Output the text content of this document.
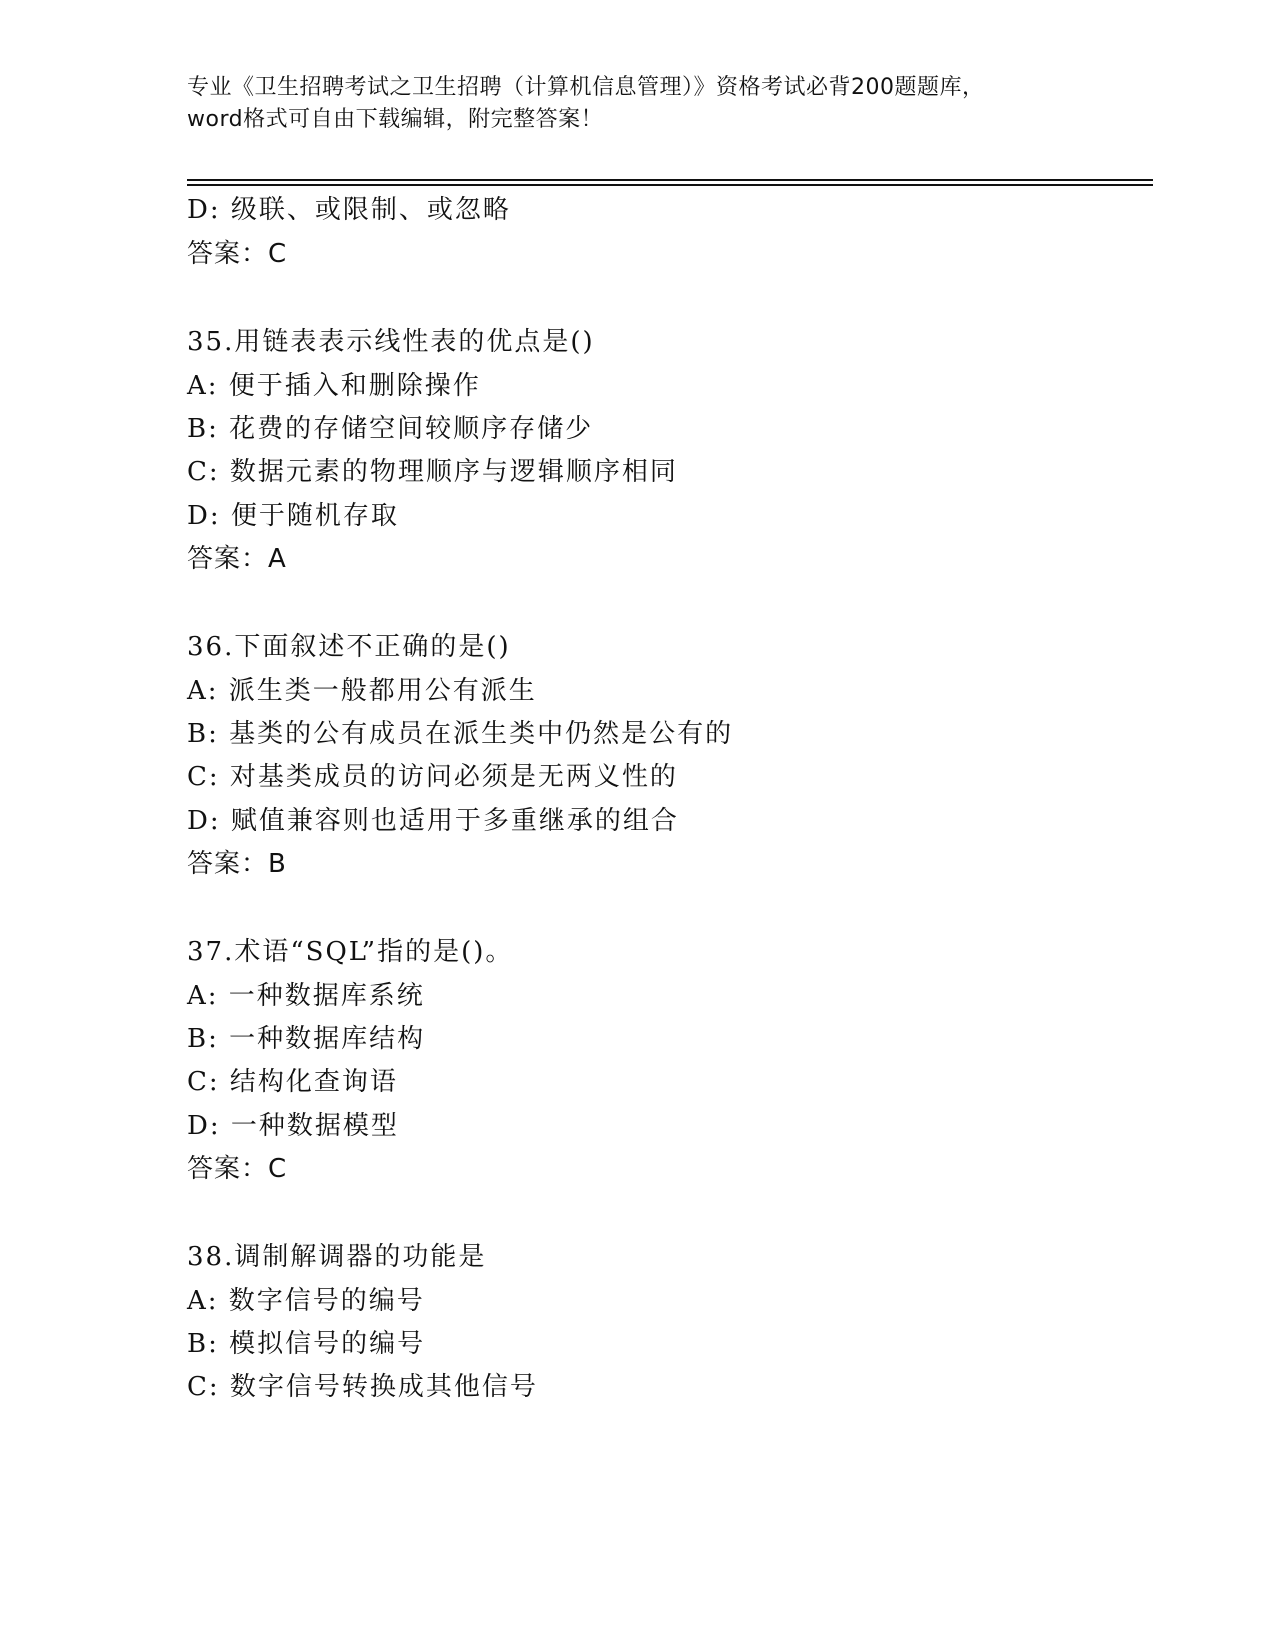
专业《卫生招聘考试之卫生招聘（计算机信息管理）》资格考试必背200题题库，
word格式可自由下载编辑，附完整答案！
D: 级联、或限制、或忽略
答案：C
35.用链表表示线性表的优点是()
A: 便于插入和删除操作
B: 花费的存储空间较顺序存储少
C: 数据元素的物理顺序与逻辑顺序相同
D: 便于随机存取
答案：A
36.下面叙述不正确的是()
A: 派生类一般都用公有派生
B: 基类的公有成员在派生类中仍然是公有的
C: 对基类成员的访问必须是无两义性的
D: 赋值兼容则也适用于多重继承的组合
答案：B
37.术语“SQL”指的是()。
A: 一种数据库系统
B: 一种数据库结构
C: 结构化查询语
D: 一种数据模型
答案：C
38.调制解调器的功能是
A: 数字信号的编号
B: 模拟信号的编号
C: 数字信号转换成其他信号
